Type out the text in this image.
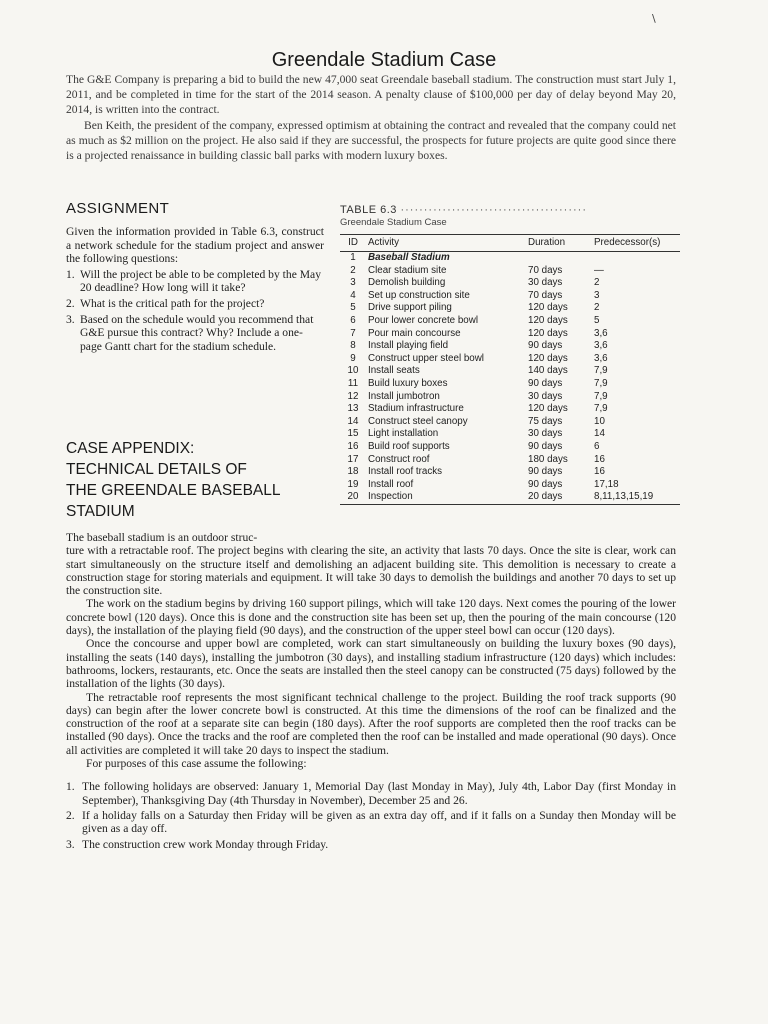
\
Greendale Stadium Case

The G&E Company is preparing a bid to build the new 47,000 seat Greendale baseball stadium. The construction must start July 1, 2011, and be completed in time for the start of the 2014 season. A penalty clause of $100,000 per day of delay beyond May 20, 2014, is written into the contract.

Ben Keith, the president of the company, expressed optimism at obtaining the contract and revealed that the company could net as much as $2 million on the project. He also said if they are successful, the prospects for future projects are quite good since there is a projected renaissance in building classic ball parks with modern luxury boxes.

ASSIGNMENT

Given the information provided in Table 6.3, construct a network schedule for the stadium project and answer the following questions:

1. Will the project be able to be completed by the May 20 deadline? How long will it take?
2. What is the critical path for the project?
3. Based on the schedule would you recommend that G&E pursue this contract? Why? Include a one-page Gantt chart for the stadium schedule.
CASE APPENDIX:
TECHNICAL DETAILS OF
THE GREENDALE BASEBALL
STADIUM
TABLE 6.3 ········································
Greendale Stadium Case
ID	Activity	Duration	Predecessor(s)
1	Baseball Stadium		
2	Clear stadium site	70 days	—
3	Demolish building	30 days	2
4	Set up construction site	70 days	3
5	Drive support piling	120 days	2
6	Pour lower concrete bowl	120 days	5
7	Pour main concourse	120 days	3,6
8	Install playing field	90 days	3,6
9	Construct upper steel bowl	120 days	3,6
10	Install seats	140 days	7,9
11	Build luxury boxes	90 days	7,9
12	Install jumbotron	30 days	7,9
13	Stadium infrastructure	120 days	7,9
14	Construct steel canopy	75 days	10
15	Light installation	30 days	14
16	Build roof supports	90 days	6
17	Construct roof	180 days	16
18	Install roof tracks	90 days	16
19	Install roof	90 days	17,18
20	Inspection	20 days	8,11,13,15,19

The baseball stadium is an outdoor struc-

ture with a retractable roof. The project begins with clearing the site, an activity that lasts 70 days. Once the site is clear, work can start simultaneously on the structure itself and demolishing an adjacent building site. This demolition is necessary to create a construction stage for storing materials and equipment. It will take 30 days to demolish the buildings and another 70 days to set up the construction site.

The work on the stadium begins by driving 160 support pilings, which will take 120 days. Next comes the pouring of the lower concrete bowl (120 days). Once this is done and the construction site has been set up, then the pouring of the main concourse (120 days), the installation of the playing field (90 days), and the construction of the upper steel bowl can occur (120 days).

Once the concourse and upper bowl are completed, work can start simultaneously on building the luxury boxes (90 days), installing the seats (140 days), installing the jumbotron (30 days), and installing stadium infrastructure (120 days) which includes: bathrooms, lockers, restaurants, etc. Once the seats are installed then the steel canopy can be constructed (75 days) followed by the installation of the lights (30 days).

The retractable roof represents the most significant technical challenge to the project. Building the roof track supports (90 days) can begin after the lower concrete bowl is constructed. At this time the dimensions of the roof can be finalized and the construction of the roof at a separate site can begin (180 days). After the roof supports are completed then the roof tracks can be installed (90 days). Once the tracks and the roof are completed then the roof can be installed and made operational (90 days). Once all activities are completed it will take 20 days to inspect the stadium.

For purposes of this case assume the following:

1. The following holidays are observed: January 1, Memorial Day (last Monday in May), July 4th, Labor Day (first Monday in September), Thanksgiving Day (4th Thursday in November), December 25 and 26.
2. If a holiday falls on a Saturday then Friday will be given as an extra day off, and if it falls on a Sunday then Monday will be given as a day off.
3. The construction crew work Monday through Friday.
